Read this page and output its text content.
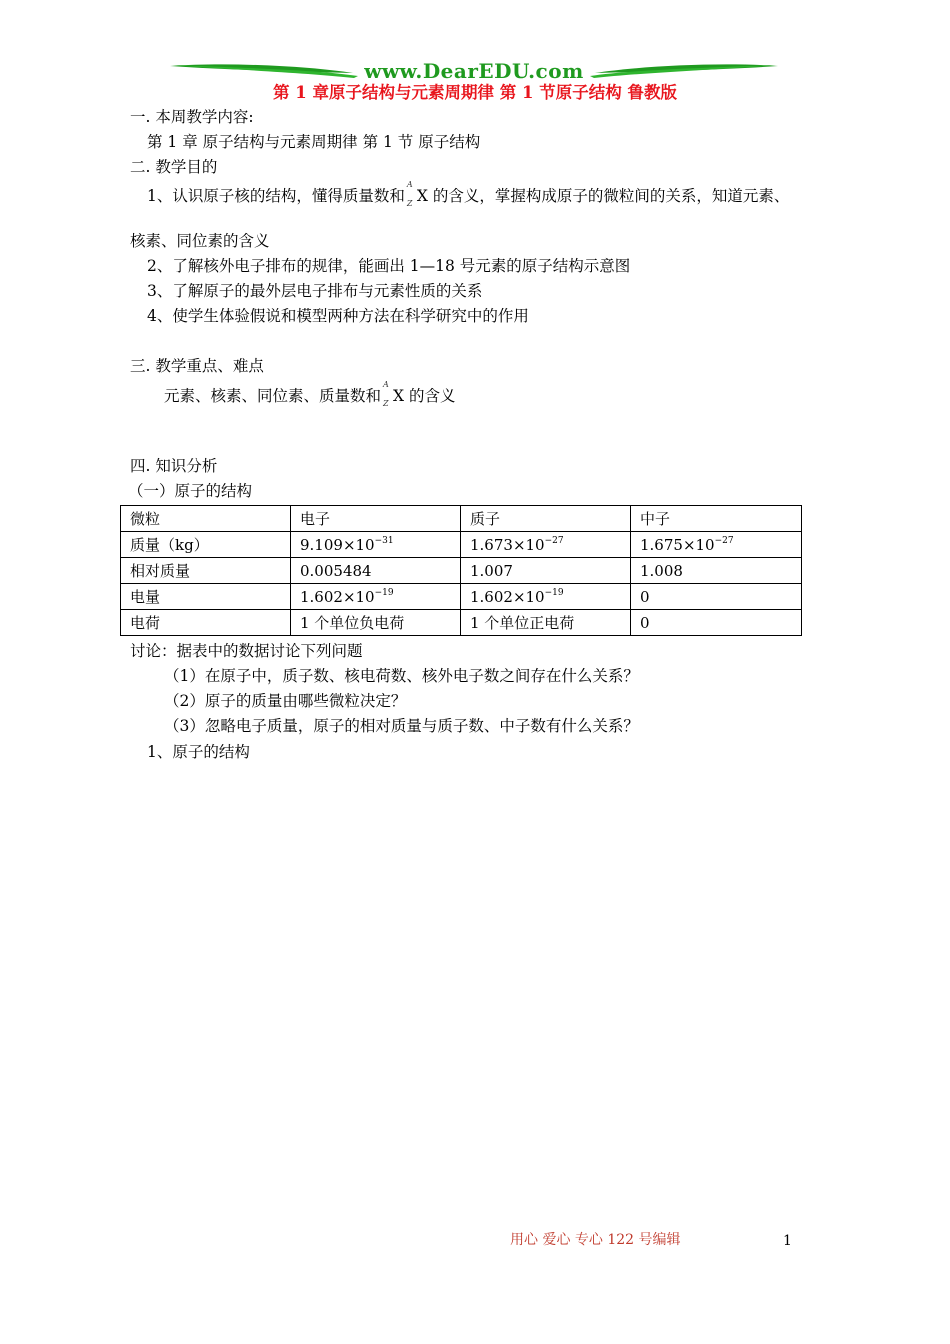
www.DearEDU.com
第 1 章原子结构与元素周期律 第 1 节原子结构 鲁教版
一. 本周教学内容:
第 1 章 原子结构与元素周期律 第 1 节 原子结构
二. 教学目的
1、认识原子核的结构，懂得质量数和
A
Z X 的含义，掌握构成原子的微粒间的关系，知道元素、
核素、同位素的含义
2、了解核外电子排布的规律，能画出 1—18 号元素的原子结构示意图
3、了解原子的最外层电子排布与元素性质的关系
4、使学生体验假说和模型两种方法在科学研究中的作用
三. 教学重点、难点
元素、核素、同位素、质量数和
A
Z X 的含义
四. 知识分析
（一）原子的结构
微粒	电子	质子	中子
质量（kg）	$9.109\times 10^{-31}$	$1.673\times 10^{-27}$	$1.675\times 10^{-27}$
相对质量	0.005484	1.007	1.008
电量	$1.602\times 10^{-19}$	$1.602\times 10^{-19}$	0
电荷	1 个单位负电荷	1 个单位正电荷	0
讨论：据表中的数据讨论下列问题
（1）在原子中，质子数、核电荷数、核外电子数之间存在什么关系？
（2）原子的质量由哪些微粒决定？
（3）忽略电子质量，原子的相对质量与质子数、中子数有什么关系？
1、原子的结构
用心 爱心 专心 122 号编辑	1
